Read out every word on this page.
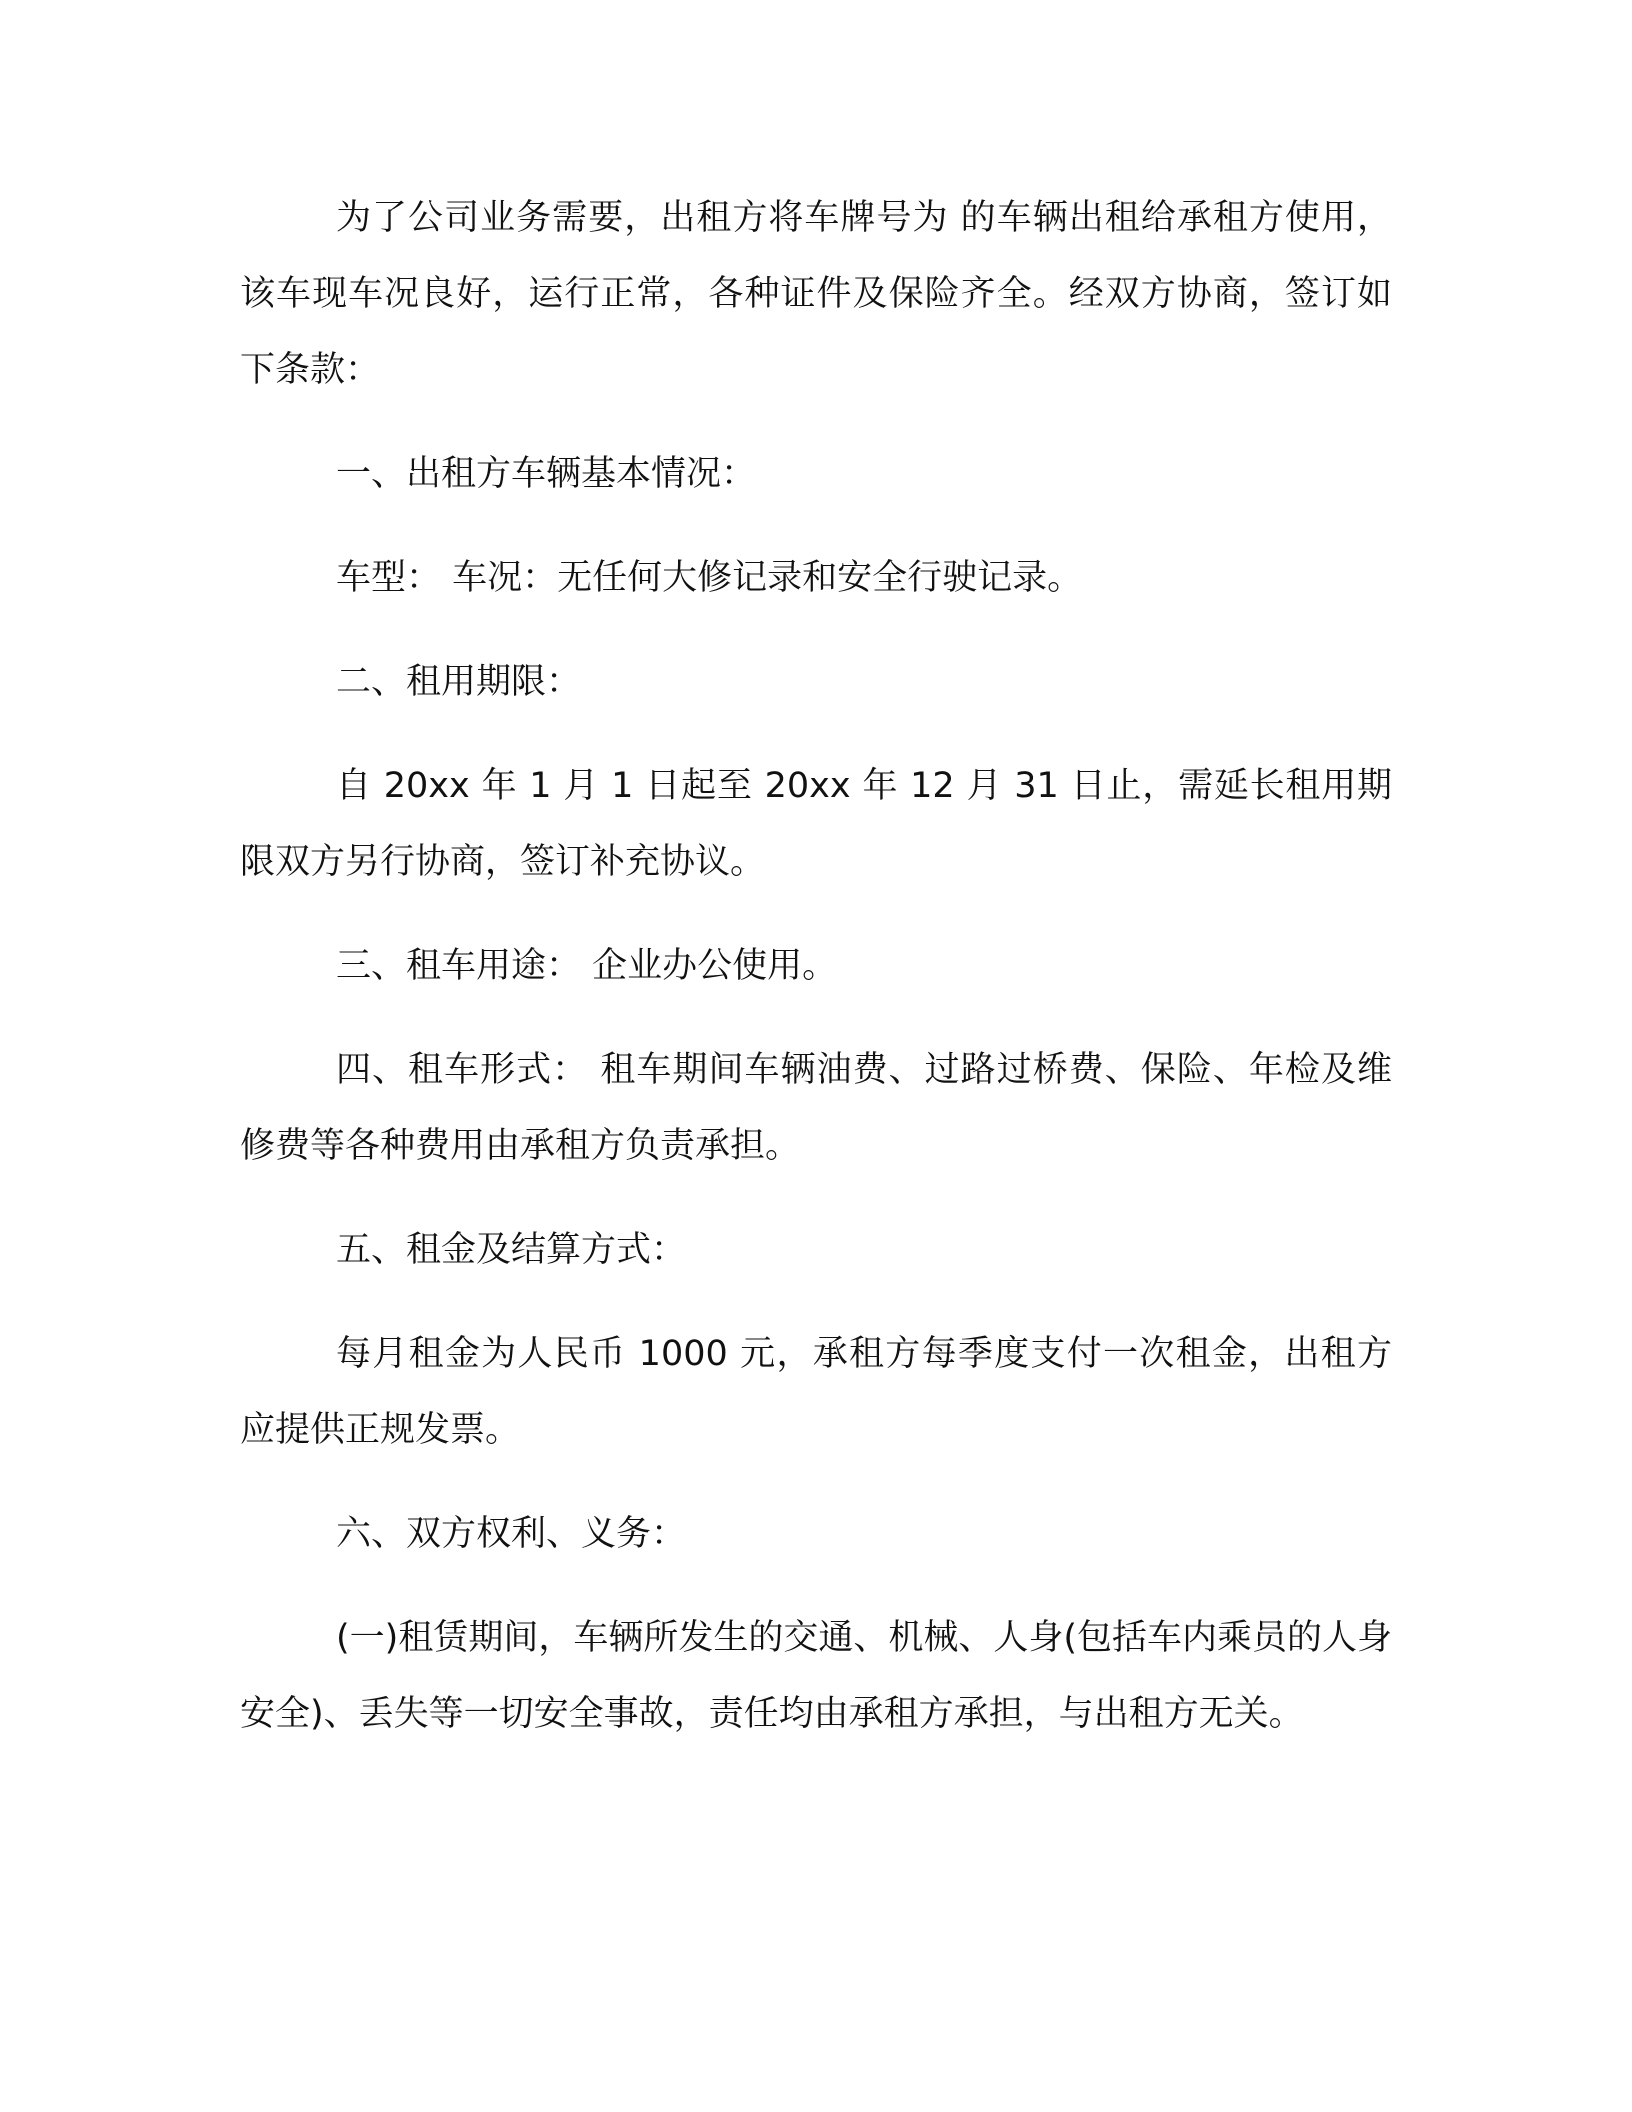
为了公司业务需要，出租方将车牌号为 的车辆出租给承租方使用，该车现车况良好，运行正常，各种证件及保险齐全。经双方协商，签订如下条款：

一、出租方车辆基本情况：

车型： 车况：无任何大修记录和安全行驶记录。

二、租用期限：

自 20xx 年 1 月 1 日起至 20xx 年 12 月 31 日止，需延长租用期限双方另行协商，签订补充协议。

三、租车用途： 企业办公使用。

四、租车形式： 租车期间车辆油费、过路过桥费、保险、年检及维修费等各种费用由承租方负责承担。

五、租金及结算方式：

每月租金为人民币 1000 元，承租方每季度支付一次租金，出租方应提供正规发票。

六、双方权利、义务：

(一)租赁期间，车辆所发生的交通、机械、人身(包括车内乘员的人身安全)、丢失等一切安全事故，责任均由承租方承担，与出租方无关。
